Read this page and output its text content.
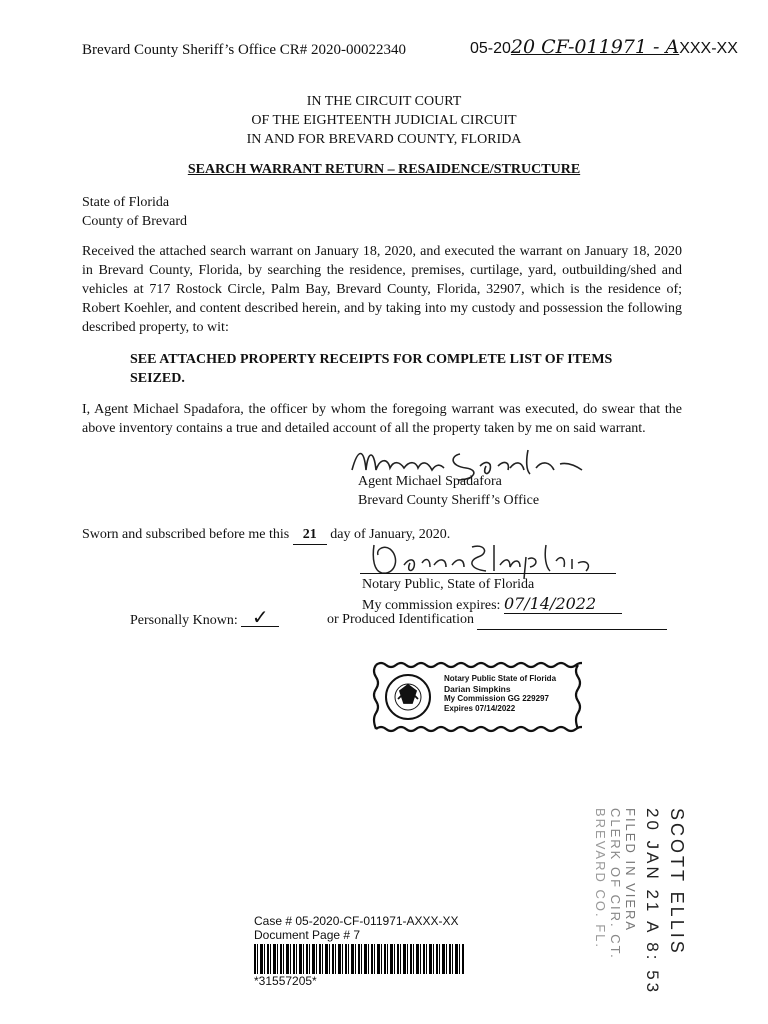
Brevard County Sheriff’s Office CR# 2020-00022340	05-2020 CF-011971 - AXXX-XX
IN THE CIRCUIT COURT
OF THE EIGHTEENTH JUDICIAL CIRCUIT
IN AND FOR BREVARD COUNTY, FLORIDA
SEARCH WARRANT RETURN – RESAIDENCE/STRUCTURE
State of Florida
County of Brevard
Received the attached search warrant on January 18, 2020, and executed the warrant on January 18, 2020 in Brevard County, Florida, by searching the residence, premises, curtilage, yard, outbuilding/shed and vehicles at 717 Rostock Circle, Palm Bay, Brevard County, Florida, 32907, which is the residence of; Robert Koehler, and content described herein, and by taking into my custody and possession the following described property, to wit:
SEE ATTACHED PROPERTY RECEIPTS FOR COMPLETE LIST OF ITEMS SEIZED.
I, Agent Michael Spadafora, the officer by whom the foregoing warrant was executed, do swear that the above inventory contains a true and detailed account of all the property taken by me on said warrant.
Agent Michael Spadafora
Brevard County Sheriff’s Office
Sworn and subscribed before me this 21 day of January, 2020.
Notary Public, State of Florida
My commission expires: 07/14/2022
Personally Known: ✓	or Produced Identification
Notary Public State of Florida
Darian Simpkins
My Commission GG 229297
Expires 07/14/2022
SCOTT ELLIS
20 JAN 21 A 8: 53
FILED IN VIERA
CLERK OF CIR. CT.
BREVARD CO. FL.
Case # 05-2020-CF-011971-AXXX-XX
Document Page # 7
*31557205*
